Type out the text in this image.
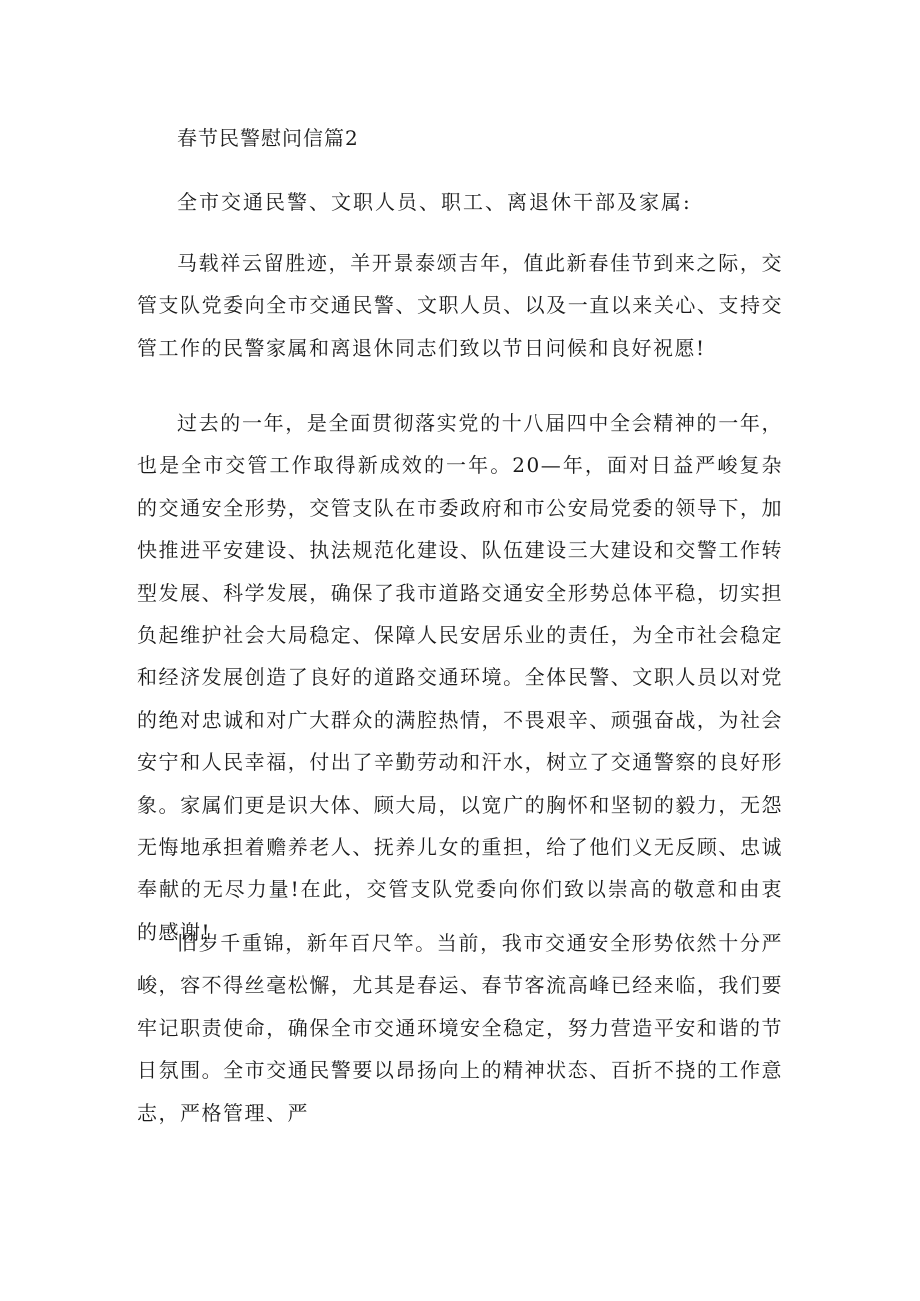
春节民警慰问信篇2
全市交通民警、文职人员、职工、离退休干部及家属:

马载祥云留胜迹，羊开景泰颂吉年，值此新春佳节到来之际，交管支队党委向全市交通民警、文职人员、以及一直以来关心、支持交管工作的民警家属和离退休同志们致以节日问候和良好祝愿!

过去的一年，是全面贯彻落实党的十八届四中全会精神的一年，也是全市交管工作取得新成效的一年。20—年，面对日益严峻复杂的交通安全形势，交管支队在市委政府和市公安局党委的领导下，加快推进平安建设、执法规范化建设、队伍建设三大建设和交警工作转型发展、科学发展，确保了我市道路交通安全形势总体平稳，切实担负起维护社会大局稳定、保障人民安居乐业的责任，为全市社会稳定和经济发展创造了良好的道路交通环境。全体民警、文职人员以对党的绝对忠诚和对广大群众的满腔热情，不畏艰辛、顽强奋战，为社会安宁和人民幸福，付出了辛勤劳动和汗水，树立了交通警察的良好形象。家属们更是识大体、顾大局，以宽广的胸怀和坚韧的毅力，无怨无悔地承担着赡养老人、抚养儿女的重担，给了他们义无反顾、忠诚奉献的无尽力量!在此，交管支队党委向你们致以崇高的敬意和由衷的感谢!

旧岁千重锦，新年百尺竿。当前，我市交通安全形势依然十分严峻，容不得丝毫松懈，尤其是春运、春节客流高峰已经来临，我们要牢记职责使命，确保全市交通环境安全稳定，努力营造平安和谐的节日氛围。全市交通民警要以昂扬向上的精神状态、百折不挠的工作意志，严格管理、严
